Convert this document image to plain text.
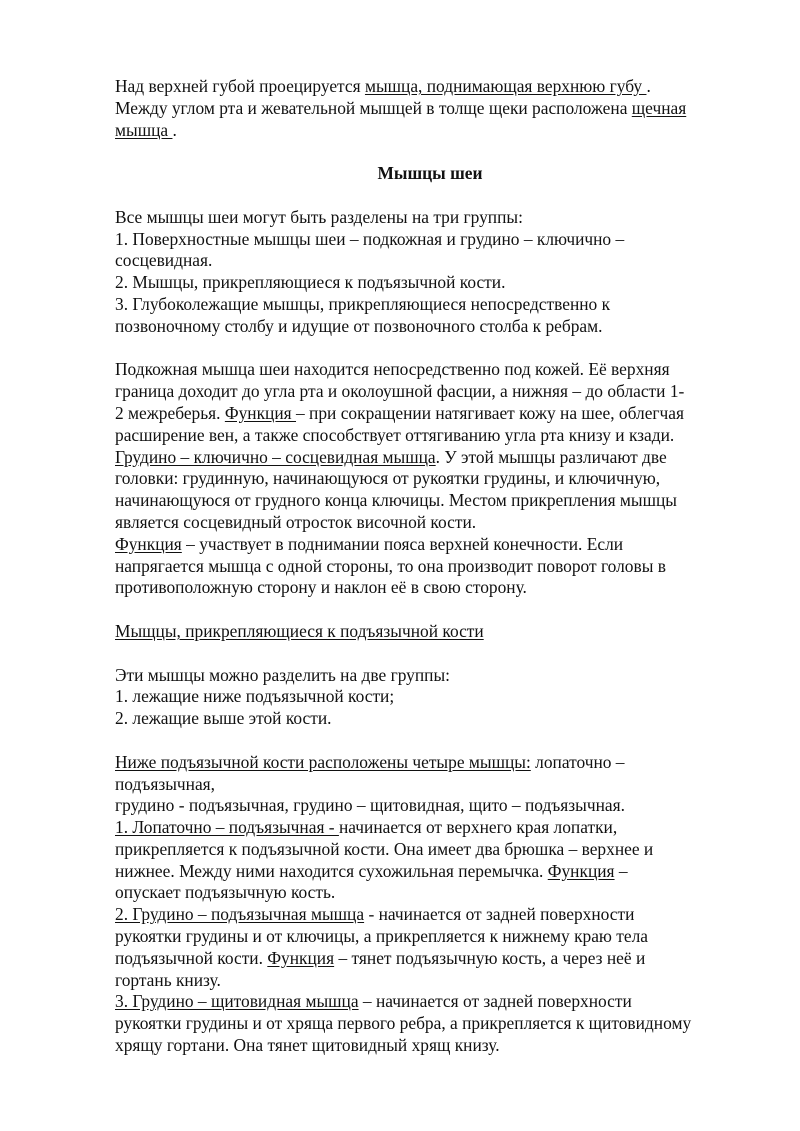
Над верхней губой проецируется мышца, поднимающая верхнюю губу .
Между углом рта и жевательной мышцей в толще щеки расположена щечная
мышца .

Мышцы шеи

Все мышцы шеи могут быть разделены на три группы:
1. Поверхностные мышцы шеи – подкожная и грудино – ключично –
сосцевидная.
2. Мышцы, прикрепляющиеся к подъязычной кости.
3. Глубоколежащие мышцы, прикрепляющиеся непосредственно к
позвоночному столбу и идущие от позвоночного столба к ребрам.

Подкожная мышца шеи находится непосредственно под кожей. Её верхняя
граница доходит до угла рта и околоушной фасции, а нижняя – до области 1-
2 межреберья. Функция – при сокращении натягивает кожу на шее, облегчая
расширение вен, а также способствует оттягиванию угла рта книзу и кзади.
Грудино – ключично – сосцевидная мышца. У этой мышцы различают две
головки: грудинную, начинающуюся от рукоятки грудины, и ключичную,
начинающуюся от грудного конца ключицы. Местом прикрепления мышцы
является сосцевидный отросток височной кости.
Функция – участвует в поднимании пояса верхней конечности. Если
напрягается мышца с одной стороны, то она производит поворот головы в
противоположную сторону и наклон её в свою сторону.

Мыщцы, прикрепляющиеся к подъязычной кости

Эти мышцы можно разделить на две группы:
1. лежащие ниже подъязычной кости;
2. лежащие выше этой кости.

Ниже подъязычной кости расположены четыре мышцы: лопаточно –
подъязычная,
грудино - подъязычная, грудино – щитовидная, щито – подъязычная.
1. Лопаточно – подъязычная - начинается от верхнего края лопатки,
прикрепляется к подъязычной кости. Она имеет два брюшка – верхнее и
нижнее. Между ними находится сухожильная перемычка. Функция –
опускает подъязычную кость.
2. Грудино – подъязычная мышца - начинается от задней поверхности
рукоятки грудины и от ключицы, а прикрепляется к нижнему краю тела
подъязычной кости. Функция – тянет подъязычную кость, а через неё и
гортань книзу.
3. Грудино – щитовидная мышца – начинается от задней поверхности
рукоятки грудины и от хряща первого ребра, а прикрепляется к щитовидному
хрящу гортани. Она тянет щитовидный хрящ книзу.
